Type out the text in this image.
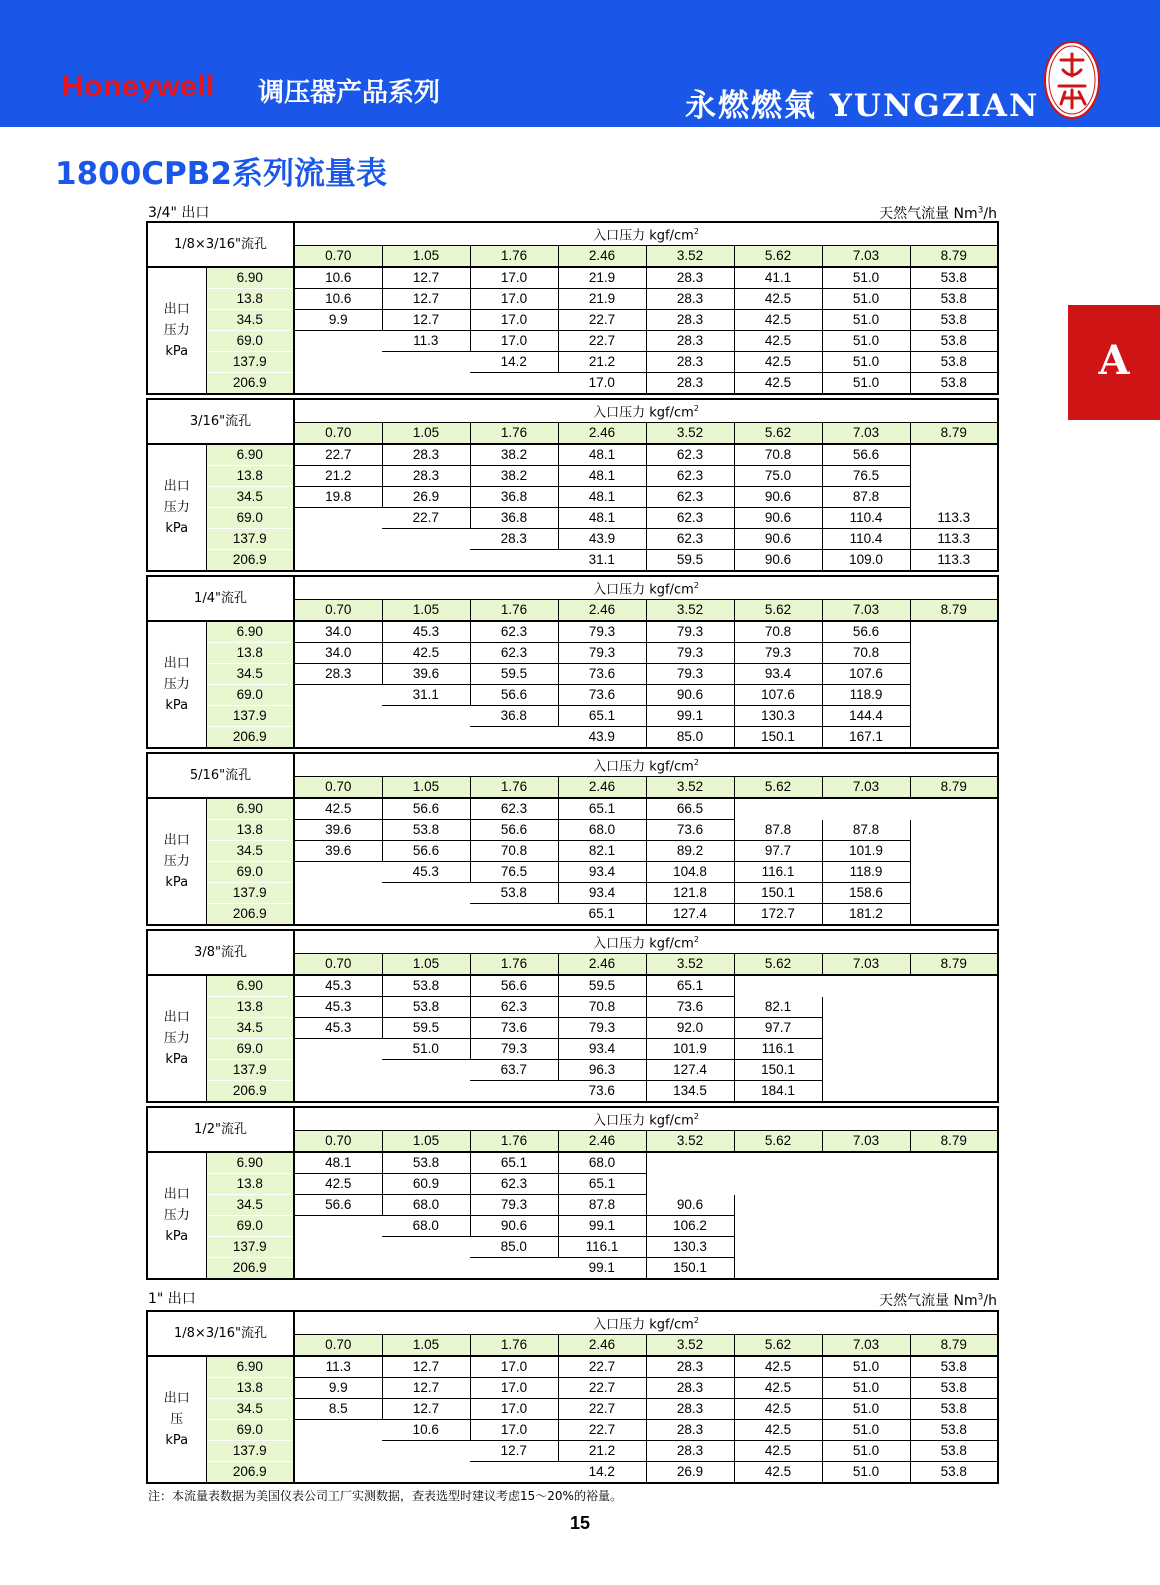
Honeywell 调压器产品系列	永燃燃氣 YUNGZIAN
1800CPB2系列流量表
A
3/4" 出口	天然气流量 Nm$^3$/h
1" 出口	天然气流量 Nm$^3$/h
1/8×3/16"流孔		入口压力 kgf/$cm^2$
		0.70	1.05	1.76	2.46	3.52	5.62	7.03	8.79

出口
压力
kPa	6.90	10.6	12.7	17.0	21.9	28.3	41.1	51.0	53.8
	13.8	10.6	12.7	17.0	21.9	28.3	42.5	51.0	53.8
	34.5	9.9	12.7	17.0	22.7	28.3	42.5	51.0	53.8
	69.0		11.3	17.0	22.7	28.3	42.5	51.0	53.8
	137.9			14.2	21.2	28.3	42.5	51.0	53.8
	206.9				17.0	28.3	42.5	51.0	53.8
3/16"流孔		入口压力 kgf/$cm^2$
		0.70	1.05	1.76	2.46	3.52	5.62	7.03	8.79

出口
压力
kPa	6.90	22.7	28.3	38.2	48.1	62.3	70.8	56.6	
	13.8	21.2	28.3	38.2	48.1	62.3	75.0	76.5	
	34.5	19.8	26.9	36.8	48.1	62.3	90.6	87.8	
	69.0		22.7	36.8	48.1	62.3	90.6	110.4	113.3
	137.9			28.3	43.9	62.3	90.6	110.4	113.3
	206.9				31.1	59.5	90.6	109.0	113.3
1/4"流孔		入口压力 kgf/$cm^2$
		0.70	1.05	1.76	2.46	3.52	5.62	7.03	8.79

出口
压力
kPa	6.90	34.0	45.3	62.3	79.3	79.3	70.8	56.6	
	13.8	34.0	42.5	62.3	79.3	79.3	79.3	70.8	
	34.5	28.3	39.6	59.5	73.6	79.3	93.4	107.6	
	69.0		31.1	56.6	73.6	90.6	107.6	118.9	
	137.9			36.8	65.1	99.1	130.3	144.4	
	206.9				43.9	85.0	150.1	167.1	
5/16"流孔		入口压力 kgf/$cm^2$
		0.70	1.05	1.76	2.46	3.52	5.62	7.03	8.79

出口
压力
kPa	6.90	42.5	56.6	62.3	65.1	66.5			
	13.8	39.6	53.8	56.6	68.0	73.6	87.8	87.8	
	34.5	39.6	56.6	70.8	82.1	89.2	97.7	101.9	
	69.0		45.3	76.5	93.4	104.8	116.1	118.9	
	137.9			53.8	93.4	121.8	150.1	158.6	
	206.9				65.1	127.4	172.7	181.2	
3/8"流孔		入口压力 kgf/$cm^2$
		0.70	1.05	1.76	2.46	3.52	5.62	7.03	8.79

出口
压力
kPa	6.90	45.3	53.8	56.6	59.5	65.1			
	13.8	45.3	53.8	62.3	70.8	73.6	82.1		
	34.5	45.3	59.5	73.6	79.3	92.0	97.7		
	69.0		51.0	79.3	93.4	101.9	116.1		
	137.9			63.7	96.3	127.4	150.1		
	206.9				73.6	134.5	184.1		
1/2"流孔		入口压力 kgf/$cm^2$
		0.70	1.05	1.76	2.46	3.52	5.62	7.03	8.79

出口
压力
kPa	6.90	48.1	53.8	65.1	68.0				
	13.8	42.5	60.9	62.3	65.1				
	34.5	56.6	68.0	79.3	87.8	90.6			
	69.0		68.0	90.6	99.1	106.2			
	137.9			85.0	116.1	130.3			
	206.9				99.1	150.1			
1/8×3/16"流孔		入口压力 kgf/$cm^2$
		0.70	1.05	1.76	2.46	3.52	5.62	7.03	8.79

出口
压
kPa	6.90	11.3	12.7	17.0	22.7	28.3	42.5	51.0	53.8
	13.8	9.9	12.7	17.0	22.7	28.3	42.5	51.0	53.8
	34.5	8.5	12.7	17.0	22.7	28.3	42.5	51.0	53.8
	69.0		10.6	17.0	22.7	28.3	42.5	51.0	53.8
	137.9			12.7	21.2	28.3	42.5	51.0	53.8
	206.9				14.2	26.9	42.5	51.0	53.8
注：本流量表数据为美国仪表公司工厂实测数据，查表选型时建议考虑15～20%的裕量。
15
